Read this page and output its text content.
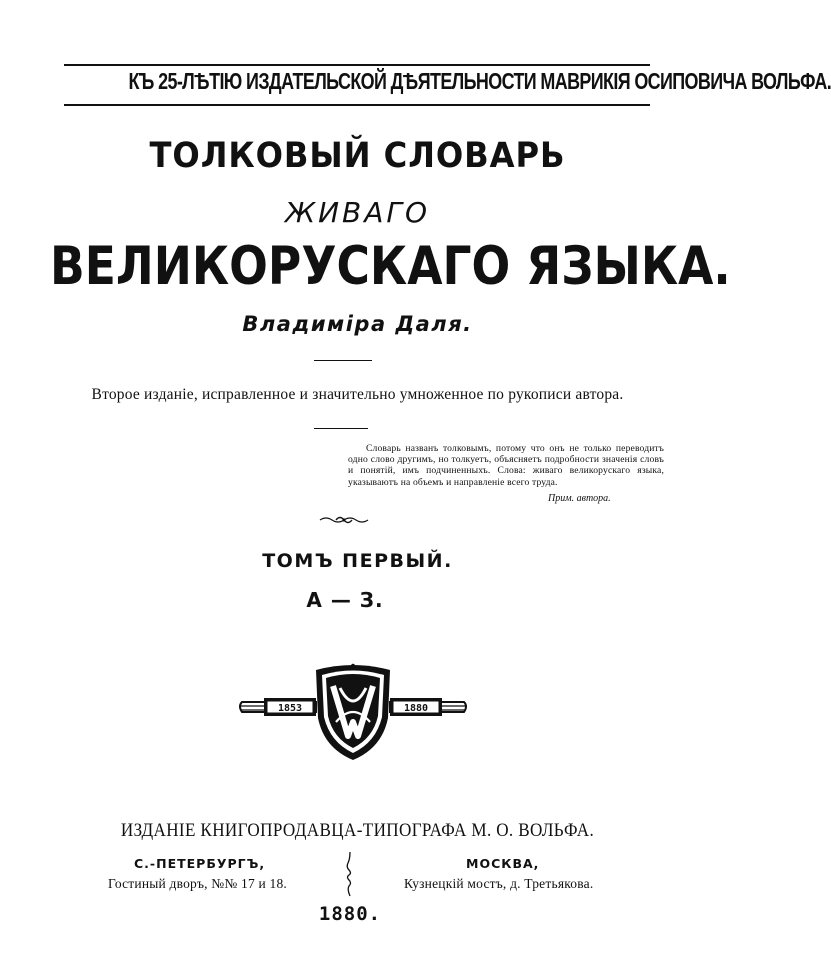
КЪ 25-ЛѢТІЮ ИЗДАТЕЛЬСКОЙ ДѢЯТЕЛЬНОСТИ МАВРИКІЯ ОСИПОВИЧА ВОЛЬФА.
ТОЛКОВЫЙ СЛОВАРЬ
ЖИВАГО
ВЕЛИКОРУСКАГО ЯЗЫКА.
Владиміра Даля.
Второе изданіе, исправленное и значительно умноженное по рукописи автора.
Словарь названъ толковымъ, потому что онъ не только переводитъ одно слово другимъ, но толкуетъ, объясняетъ подробности значенія словъ и понятій, имъ подчиненныхъ. Слова: живаго великорускаго языка, указываютъ на объемъ и направленіе всего труда.
Прим. автора.
ТОМЪ ПЕРВЫЙ.
А — З.
1853	1880
ИЗДАНІЕ КНИГОПРОДАВЦА-ТИПОГРАФА М. О. ВОЛЬФА.
С.-ПЕТЕРБУРГЪ,
Гостиный дворъ, №№ 17 и 18.
МОСКВА,
Кузнецкій мостъ, д. Третьякова.
1880.
